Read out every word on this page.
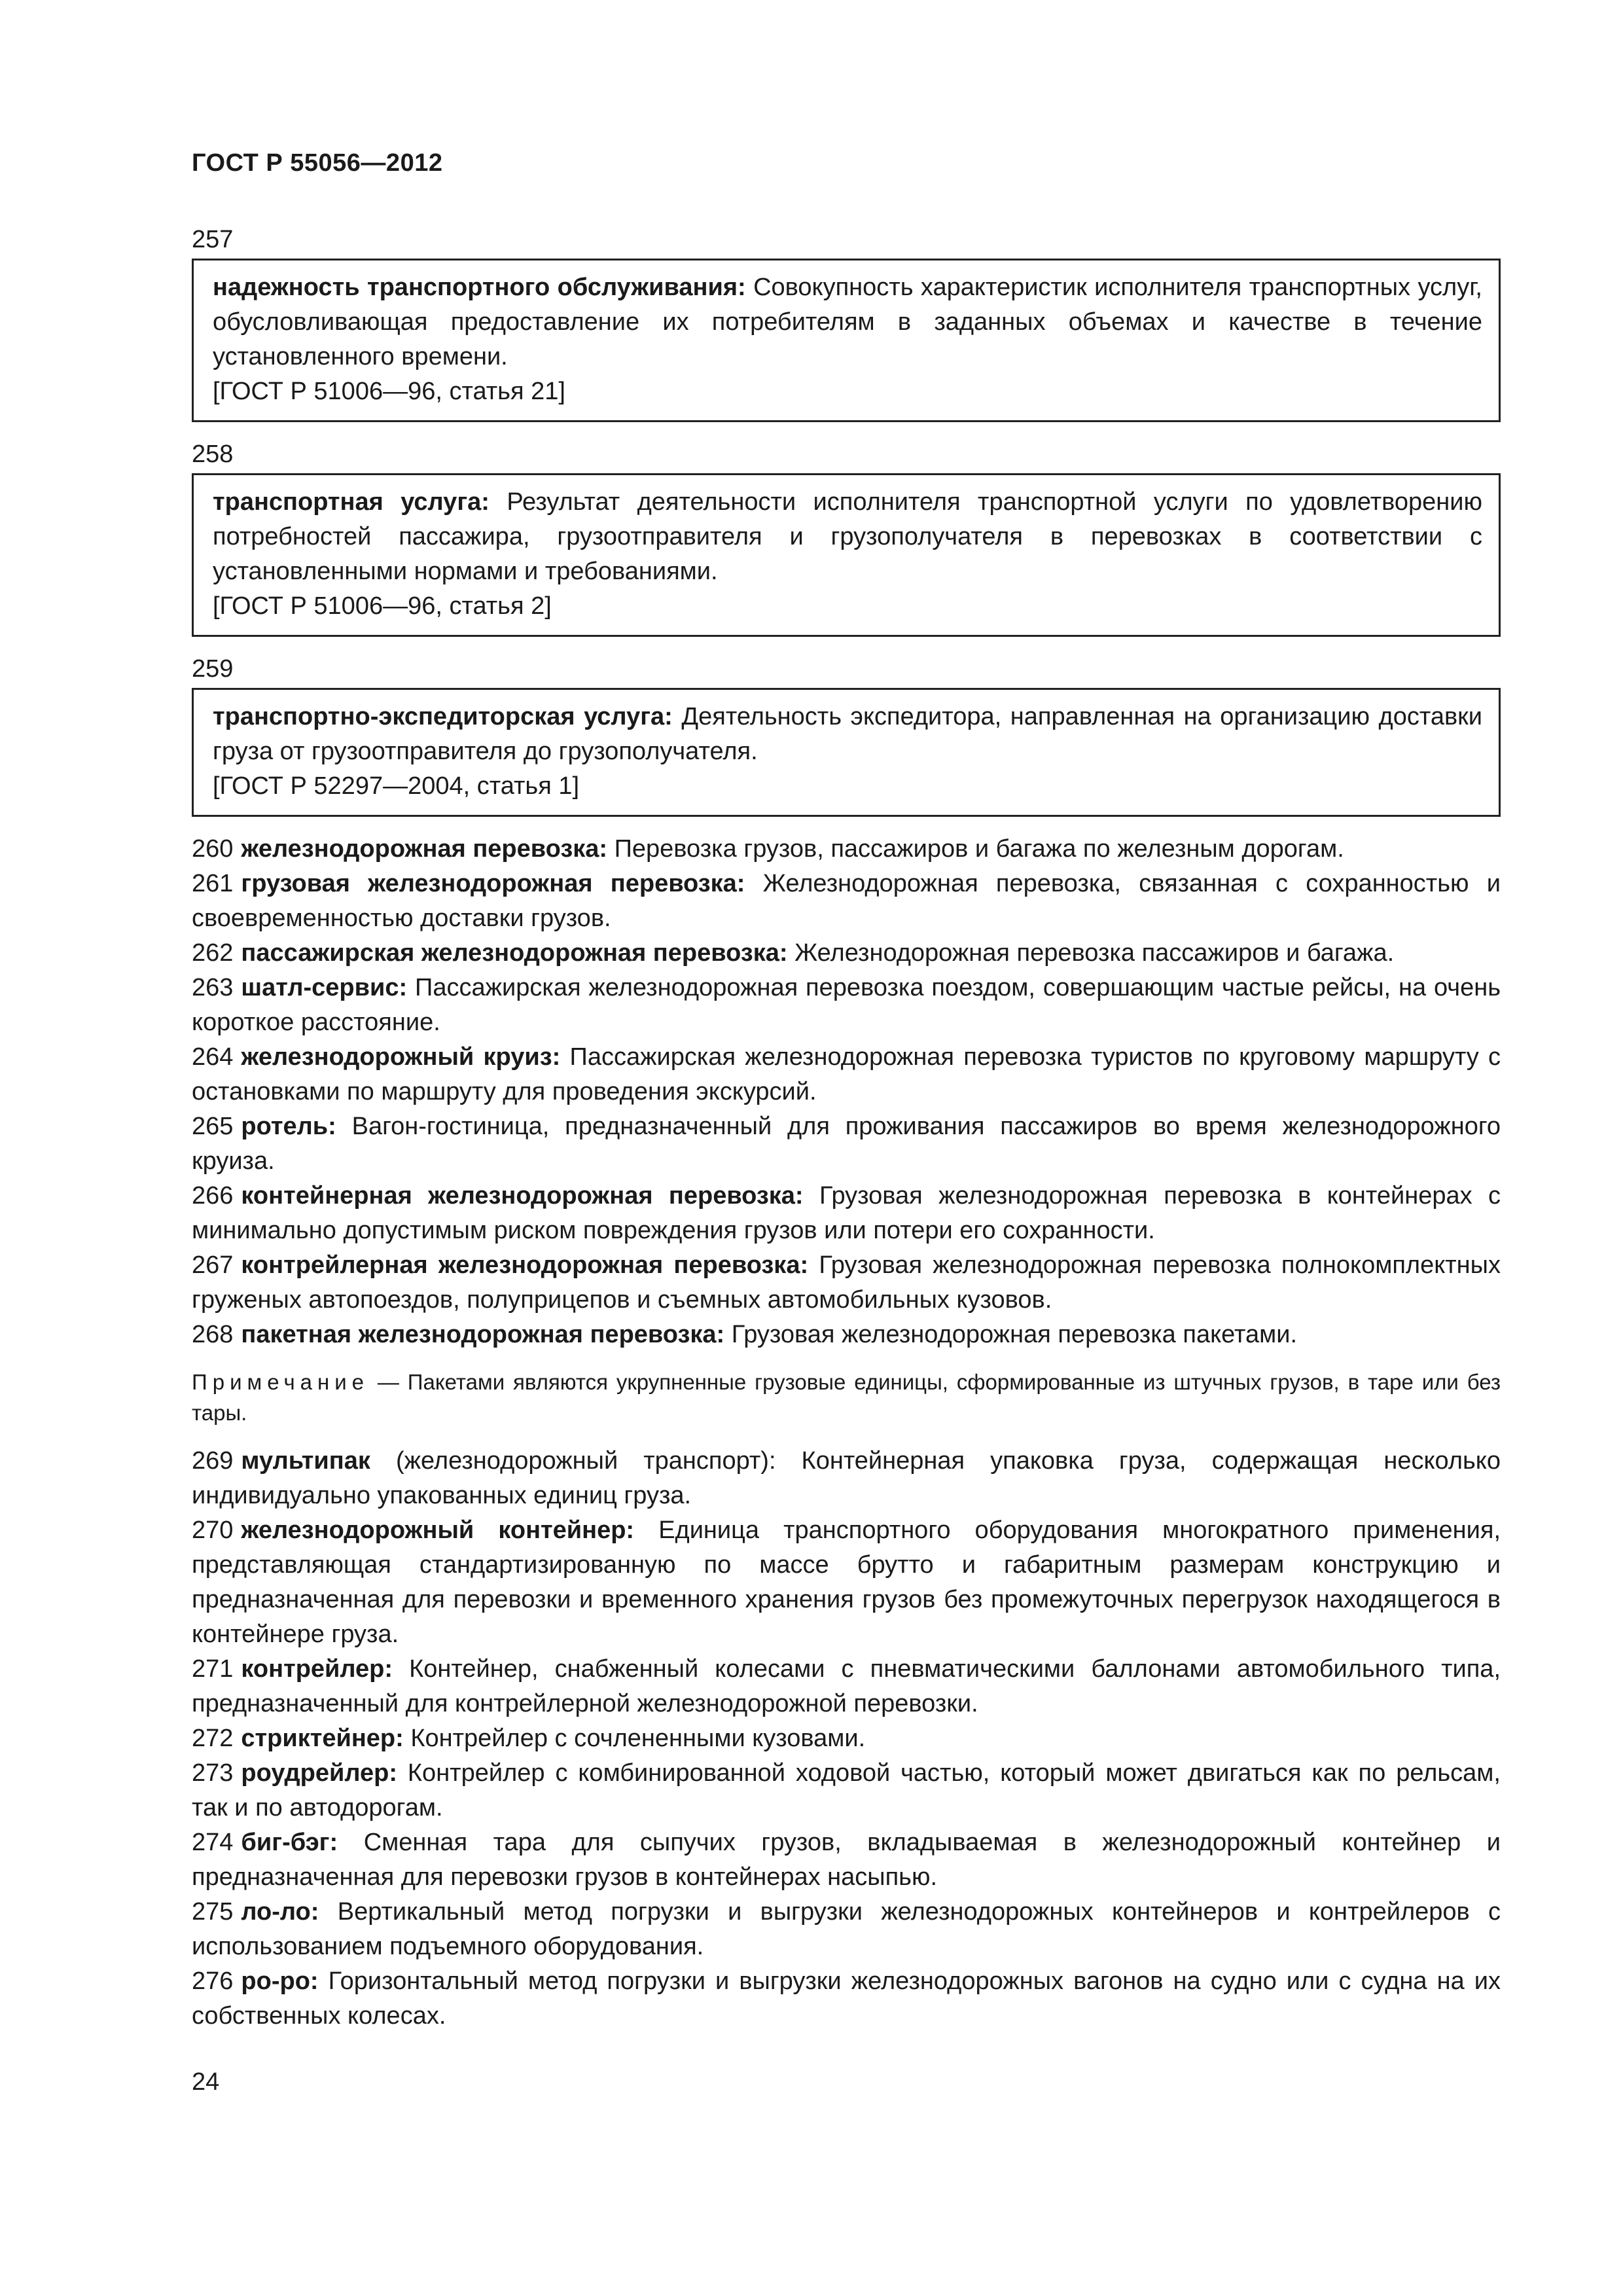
ГОСТ Р 55056—2012

257

надежность транспортного обслуживания: Совокупность характеристик исполнителя транспортных услуг, обусловливающая предоставление их потребителям в заданных объемах и качестве в течение установленного времени.

[ГОСТ Р 51006—96, статья 21]

258

транспортная услуга: Результат деятельности исполнителя транспортной услуги по удовлетворению потребностей пассажира, грузоотправителя и грузополучателя в перевозках в соответствии с установленными нормами и требованиями.

[ГОСТ Р 51006—96, статья 2]

259

транспортно-экспедиторская услуга: Деятельность экспедитора, направленная на организацию доставки груза от грузоотправителя до грузополучателя.

[ГОСТ Р 52297—2004, статья 1]

260 железнодорожная перевозка: Перевозка грузов, пассажиров и багажа по железным дорогам.

261 грузовая железнодорожная перевозка: Железнодорожная перевозка, связанная с сохранностью и своевременностью доставки грузов.

262 пассажирская железнодорожная перевозка: Железнодорожная перевозка пассажиров и багажа.

263 шатл-сервис: Пассажирская железнодорожная перевозка поездом, совершающим частые рейсы, на очень короткое расстояние.

264 железнодорожный круиз: Пассажирская железнодорожная перевозка туристов по круговому маршруту с остановками по маршруту для проведения экскурсий.

265 ротель: Вагон-гостиница, предназначенный для проживания пассажиров во время железнодорожного круиза.

266 контейнерная железнодорожная перевозка: Грузовая железнодорожная перевозка в контейнерах с минимально допустимым риском повреждения грузов или потери его сохранности.

267 контрейлерная железнодорожная перевозка: Грузовая железнодорожная перевозка полнокомплектных груженых автопоездов, полуприцепов и съемных автомобильных кузовов.

268 пакетная железнодорожная перевозка: Грузовая железнодорожная перевозка пакетами.

Примечание — Пакетами являются укрупненные грузовые единицы, сформированные из штучных грузов, в таре или без тары.

269 мультипак (железнодорожный транспорт): Контейнерная упаковка груза, содержащая несколько индивидуально упакованных единиц груза.

270 железнодорожный контейнер: Единица транспортного оборудования многократного применения, представляющая стандартизированную по массе брутто и габаритным размерам конструкцию и предназначенная для перевозки и временного хранения грузов без промежуточных перегрузок находящегося в контейнере груза.

271 контрейлер: Контейнер, снабженный колесами с пневматическими баллонами автомобильного типа, предназначенный для контрейлерной железнодорожной перевозки.

272 стриктейнер: Контрейлер с сочлененными кузовами.

273 роудрейлер: Контрейлер с комбинированной ходовой частью, который может двигаться как по рельсам, так и по автодорогам.

274 биг-бэг: Сменная тара для сыпучих грузов, вкладываемая в железнодорожный контейнер и предназначенная для перевозки грузов в контейнерах насыпью.

275 ло-ло: Вертикальный метод погрузки и выгрузки железнодорожных контейнеров и контрейлеров с использованием подъемного оборудования.

276 ро-ро: Горизонтальный метод погрузки и выгрузки железнодорожных вагонов на судно или с судна на их собственных колесах.

24
